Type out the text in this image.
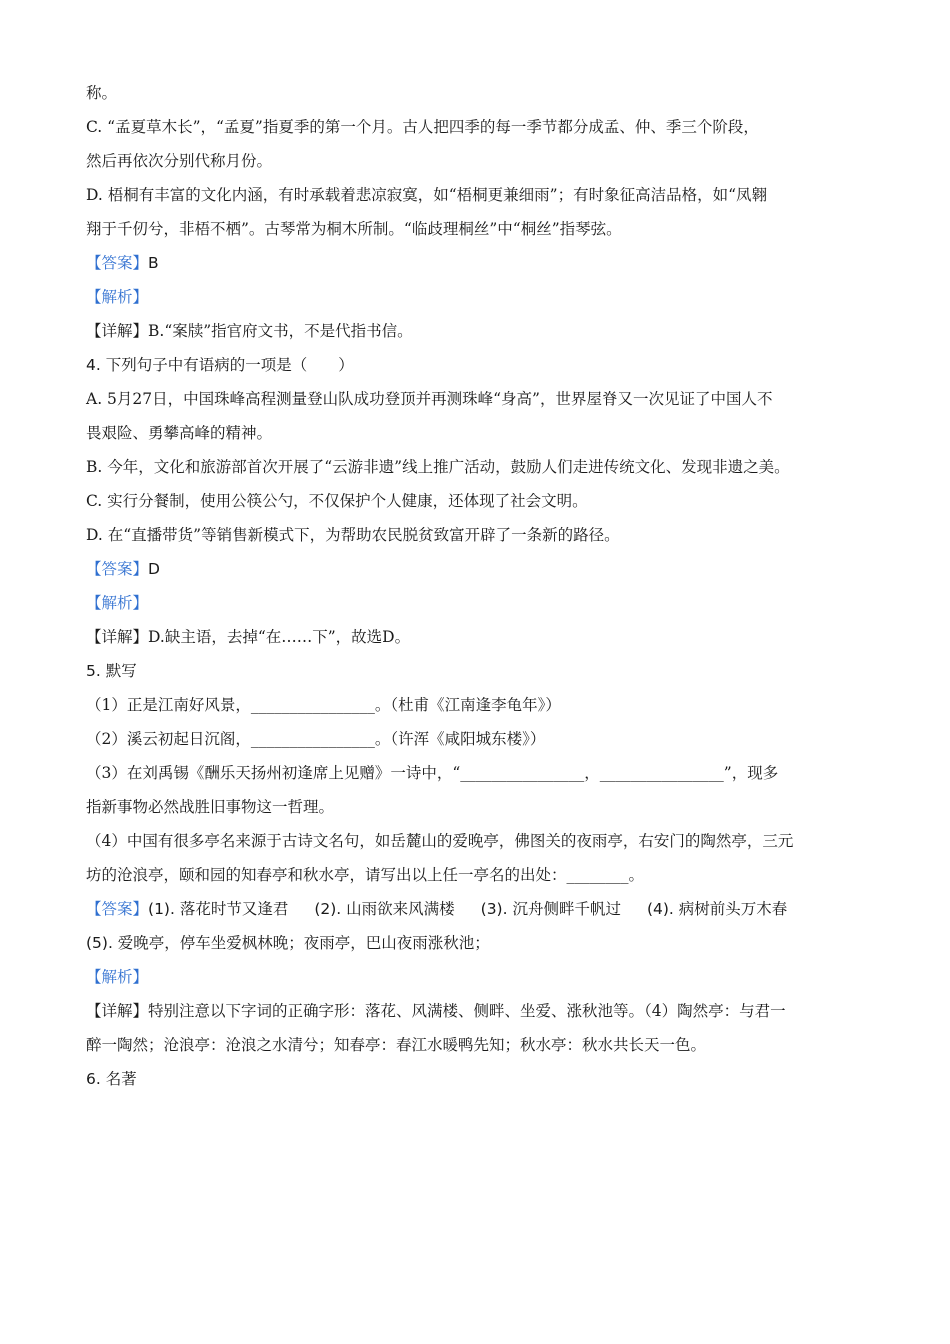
称。
C. “孟夏草木长”，“孟夏”指夏季的第一个月。古人把四季的每一季节都分成孟、仲、季三个阶段，
然后再依次分别代称月份。
D. 梧桐有丰富的文化内涵，有时承载着悲凉寂寞，如“梧桐更兼细雨”；有时象征高洁品格，如“凤翱
翔于千仞兮，非梧不栖”。古琴常为桐木所制。“临歧理桐丝”中“桐丝”指琴弦。
【答案】B
【解析】
【详解】B.“案牍”指官府文书，不是代指书信。
4. 下列句子中有语病的一项是（　　）
A. 5月27日，中国珠峰高程测量登山队成功登顶并再测珠峰“身高”，世界屋脊又一次见证了中国人不
畏艰险、勇攀高峰的精神。
B. 今年，文化和旅游部首次开展了“云游非遗”线上推广活动，鼓励人们走进传统文化、发现非遗之美。
C. 实行分餐制，使用公筷公勺，不仅保护个人健康，还体现了社会文明。
D. 在“直播带货”等销售新模式下，为帮助农民脱贫致富开辟了一条新的路径。
【答案】D
【解析】
【详解】D.缺主语，去掉“在……下”，故选D。
5. 默写
（1）正是江南好风景，________________。（杜甫《江南逢李龟年》）
（2）溪云初起日沉阁，________________。（许浑《咸阳城东楼》）
（3）在刘禹锡《酬乐天扬州初逢席上见赠》一诗中，“________________，________________”，现多
指新事物必然战胜旧事物这一哲理。
（4）中国有很多亭名来源于古诗文名句，如岳麓山的爱晚亭，佛图关的夜雨亭，右安门的陶然亭，三元
坊的沧浪亭，颐和园的知春亭和秋水亭，请写出以上任一亭名的出处：________。
【答案】(1). 落花时节又逢君 (2). 山雨欲来风满楼 (3). 沉舟侧畔千帆过 (4). 病树前头万木春
(5). 爱晚亭，停车坐爱枫林晚；夜雨亭，巴山夜雨涨秋池；
【解析】
【详解】特别注意以下字词的正确字形：落花、风满楼、侧畔、坐爱、涨秋池等。（4）陶然亭：与君一
醉一陶然；沧浪亭：沧浪之水清兮；知春亭：春江水暖鸭先知；秋水亭：秋水共长天一色。
6. 名著
